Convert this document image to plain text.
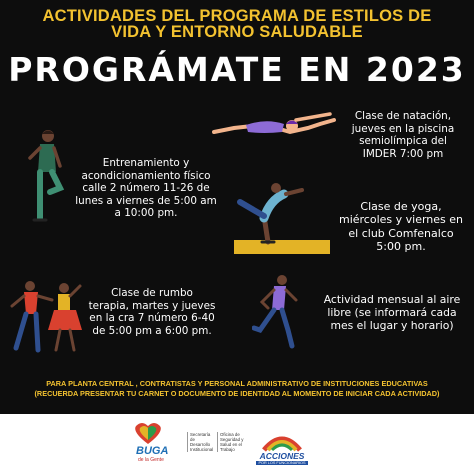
ACTIVIDADES DEL PROGRAMA DE ESTILOS DE
VIDA Y ENTORNO SALUDABLE
PROGRÁMATE EN 2023
Clase de natación,
jueves en la piscina
semiolímpica del
IMDER 7:00 pm
Entrenamiento y
acondicionamiento físico
calle 2 número 11-26 de
lunes a viernes de 5:00 am
a 10:00 pm.
Clase de yoga,
miércoles y viernes en
el club Comfenalco
5:00 pm.
Clase de rumbo
terapia, martes y jueves
en la cra 7 número 6-40
de 5:00 pm a 6:00 pm.
Actividad mensual al aire
libre (se informará cada
mes el lugar y horario)
PARA PLANTA CENTRAL , CONTRATISTAS Y PERSONAL ADMINISTRATIVO DE INSTITUCIONES EDUCATIVAS
(RECUERDA PRESENTAR TU CARNET O DOCUMENTO DE IDENTIDAD AL MOMENTO DE INICIAR CADA ACTIVIDAD)
BUGA
de la Gente
Secretaría de Desarrollo Institucional
Oficina de Seguridad y Salud en el Trabajo
ACCIONES
POR LOS FUNCIONARIOS
